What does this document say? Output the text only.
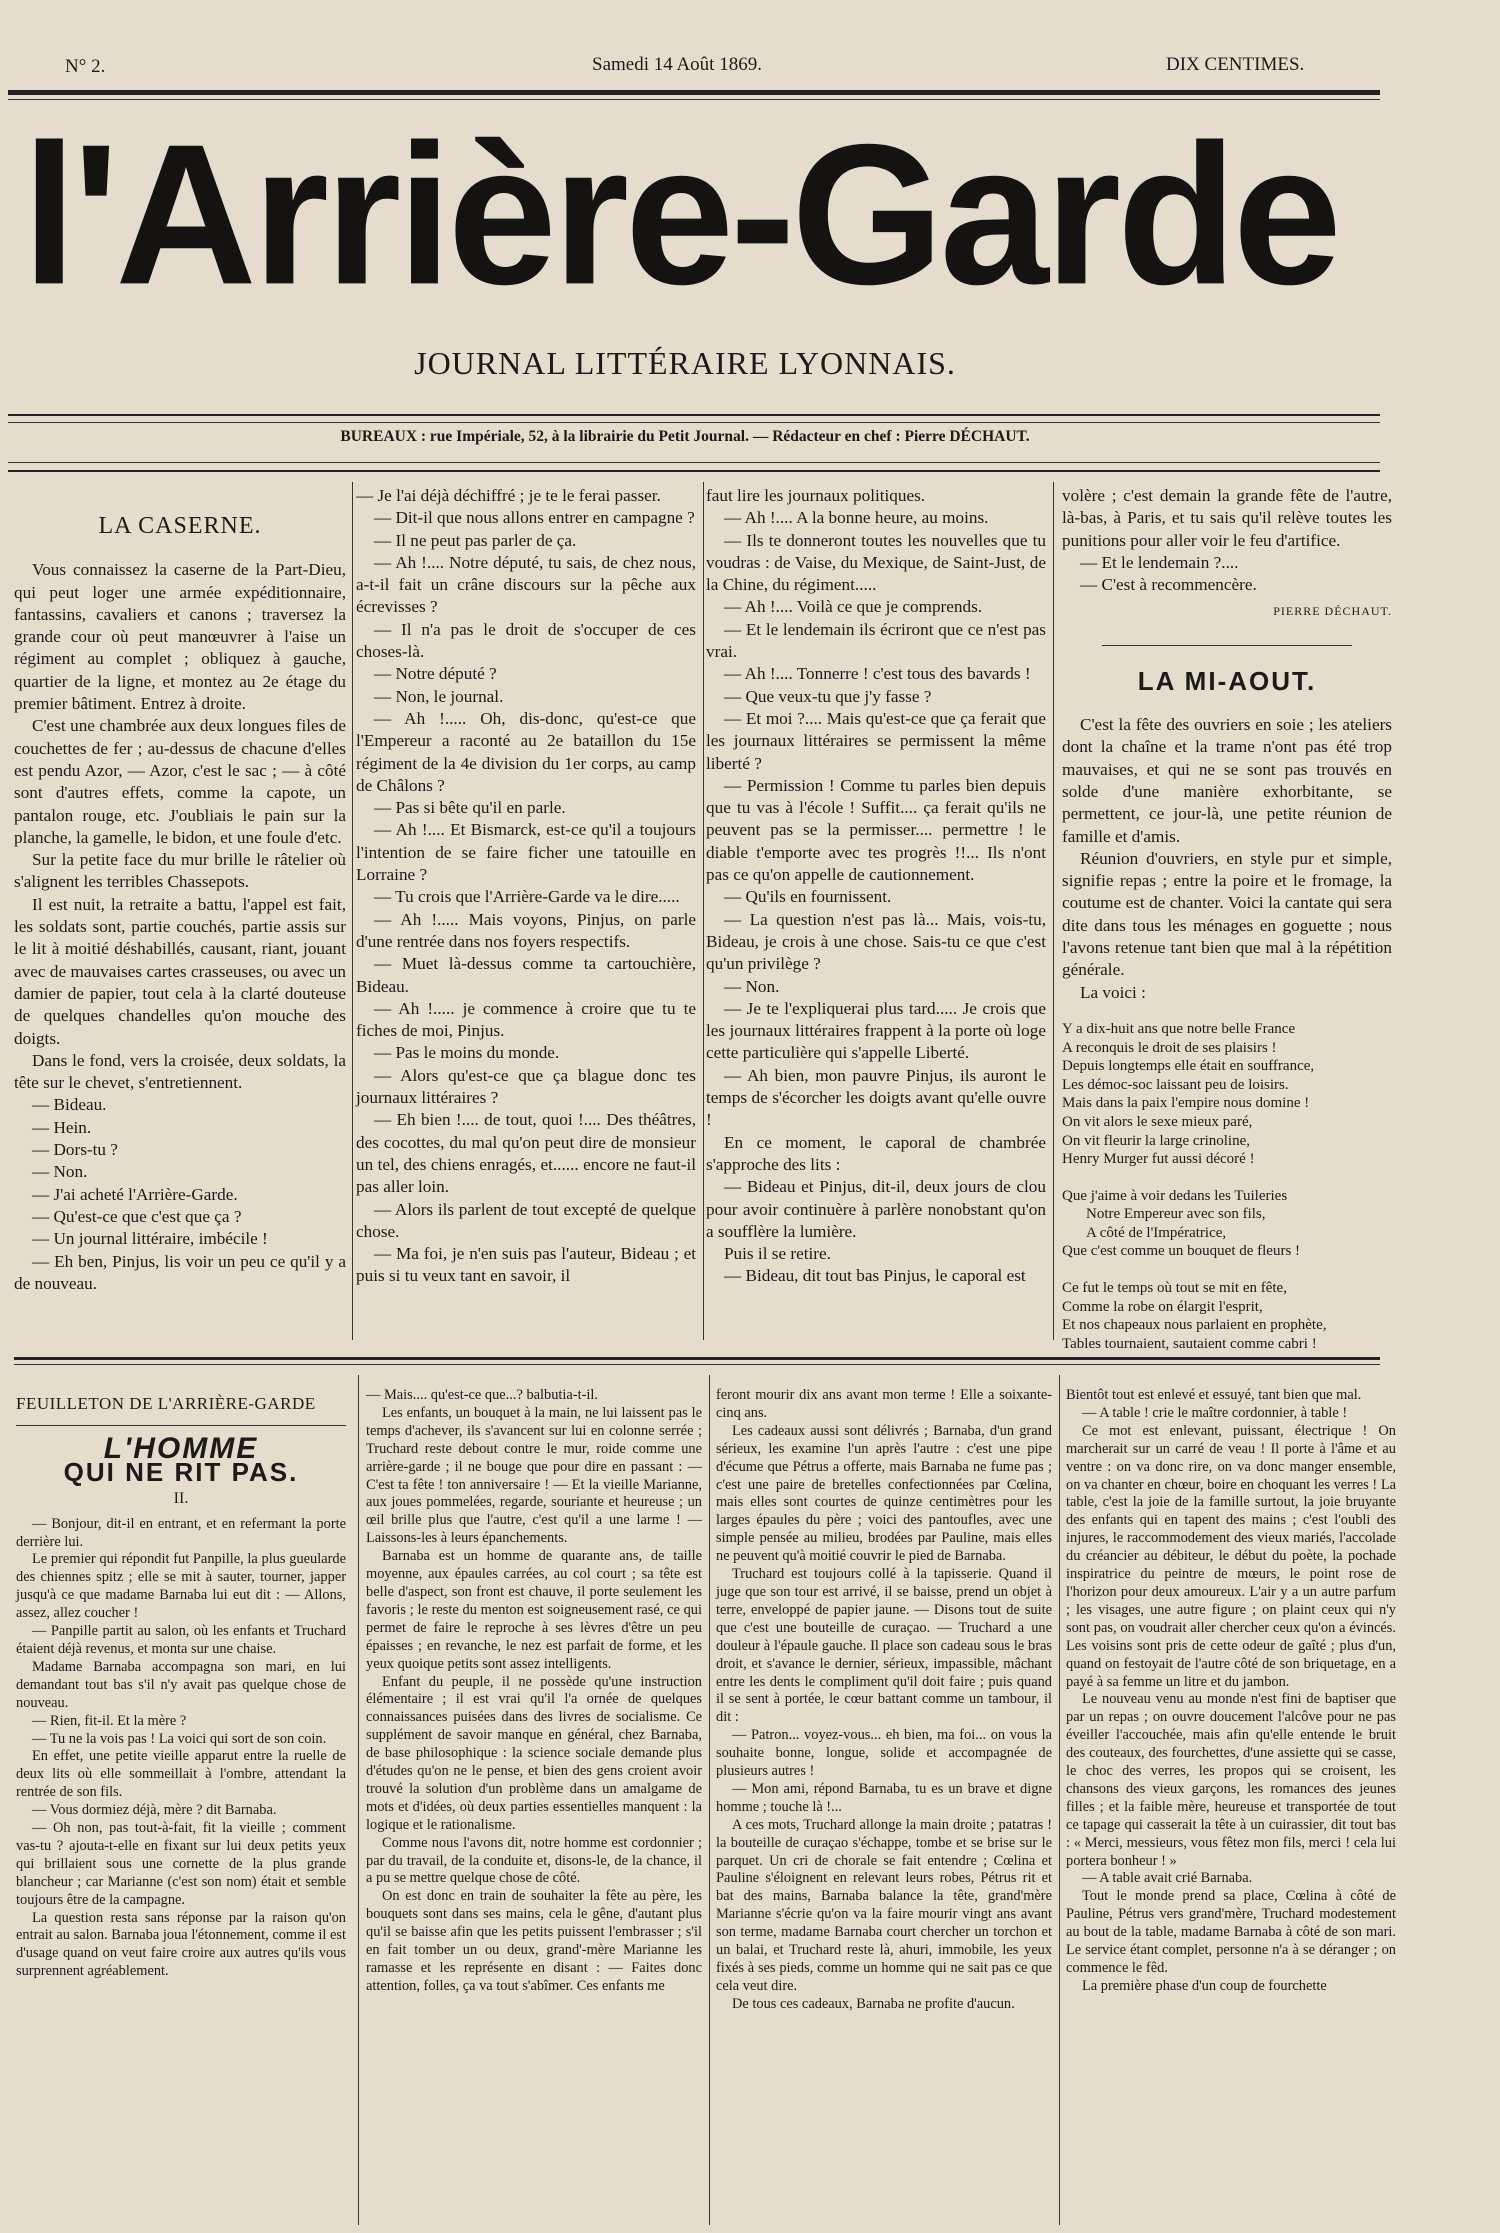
N° 2.	Samedi 14 Août 1869.	DIX CENTIMES.
l'Arrière-Garde
JOURNAL LITTÉRAIRE LYONNAIS.
BUREAUX : rue Impériale, 52, à la librairie du Petit Journal. — Rédacteur en chef : Pierre DÉCHAUT.
LA CASERNE.

Vous connaissez la caserne de la Part-Dieu, qui peut loger une armée expéditionnaire, fantassins, cavaliers et canons ; traversez la grande cour où peut manœuvrer à l'aise un régiment au complet ; obliquez à gauche, quartier de la ligne, et montez au 2e étage du premier bâtiment. Entrez à droite.

C'est une chambrée aux deux longues files de couchettes de fer ; au-dessus de chacune d'elles est pendu Azor, — Azor, c'est le sac ; — à côté sont d'autres effets, comme la capote, un pantalon rouge, etc. J'oubliais le pain sur la planche, la gamelle, le bidon, et une foule d'etc.

Sur la petite face du mur brille le râtelier où s'alignent les terribles Chassepots.

Il est nuit, la retraite a battu, l'appel est fait, les soldats sont, partie couchés, partie assis sur le lit à moitié déshabillés, causant, riant, jouant avec de mauvaises cartes crasseuses, ou avec un damier de papier, tout cela à la clarté douteuse de quelques chandelles qu'on mouche des doigts.

Dans le fond, vers la croisée, deux soldats, la tête sur le chevet, s'entretiennent.

— Bideau.

— Hein.

— Dors-tu ?

— Non.

— J'ai acheté l'Arrière-Garde.

— Qu'est-ce que c'est que ça ?

— Un journal littéraire, imbécile !

— Eh ben, Pinjus, lis voir un peu ce qu'il y a de nouveau.

— Je l'ai déjà déchiffré ; je te le ferai passer.

— Dit-il que nous allons entrer en campagne ?

— Il ne peut pas parler de ça.

— Ah !.... Notre député, tu sais, de chez nous, a-t-il fait un crâne discours sur la pêche aux écrevisses ?

— Il n'a pas le droit de s'occuper de ces choses-là.

— Notre député ?

— Non, le journal.

— Ah !..... Oh, dis-donc, qu'est-ce que l'Empereur a raconté au 2e bataillon du 15e régiment de la 4e division du 1er corps, au camp de Châlons ?

— Pas si bête qu'il en parle.

— Ah !.... Et Bismarck, est-ce qu'il a toujours l'intention de se faire ficher une tatouille en Lorraine ?

— Tu crois que l'Arrière-Garde va le dire.....

— Ah !..... Mais voyons, Pinjus, on parle d'une rentrée dans nos foyers respectifs.

— Muet là-dessus comme ta cartouchière, Bideau.

— Ah !..... je commence à croire que tu te fiches de moi, Pinjus.

— Pas le moins du monde.

— Alors qu'est-ce que ça blague donc tes journaux littéraires ?

— Eh bien !.... de tout, quoi !.... Des théâtres, des cocottes, du mal qu'on peut dire de monsieur un tel, des chiens enragés, et...... encore ne faut-il pas aller loin.

— Alors ils parlent de tout excepté de quelque chose.

— Ma foi, je n'en suis pas l'auteur, Bideau ; et puis si tu veux tant en savoir, il

faut lire les journaux politiques.

— Ah !.... A la bonne heure, au moins.

— Ils te donneront toutes les nouvelles que tu voudras : de Vaise, du Mexique, de Saint-Just, de la Chine, du régiment.....

— Ah !.... Voilà ce que je comprends.

— Et le lendemain ils écriront que ce n'est pas vrai.

— Ah !.... Tonnerre ! c'est tous des bavards !

— Que veux-tu que j'y fasse ?

— Et moi ?.... Mais qu'est-ce que ça ferait que les journaux littéraires se permissent la même liberté ?

— Permission ! Comme tu parles bien depuis que tu vas à l'école ! Suffit.... ça ferait qu'ils ne peuvent pas se la permisser.... permettre ! le diable t'emporte avec tes progrès !!... Ils n'ont pas ce qu'on appelle de cautionnement.

— Qu'ils en fournissent.

— La question n'est pas là... Mais, vois-tu, Bideau, je crois à une chose. Sais-tu ce que c'est qu'un privilège ?

— Non.

— Je te l'expliquerai plus tard..... Je crois que les journaux littéraires frappent à la porte où loge cette particulière qui s'appelle Liberté.

— Ah bien, mon pauvre Pinjus, ils auront le temps de s'écorcher les doigts avant qu'elle ouvre !

En ce moment, le caporal de chambrée s'approche des lits :

— Bideau et Pinjus, dit-il, deux jours de clou pour avoir continuère à parlère nonobstant qu'on a soufflère la lumière.

Puis il se retire.

— Bideau, dit tout bas Pinjus, le caporal est

volère ; c'est demain la grande fête de l'autre, là-bas, à Paris, et tu sais qu'il relève toutes les punitions pour aller voir le feu d'artifice.

— Et le lendemain ?....

— C'est à recommencère.

PIERRE DÉCHAUT.
LA MI-AOUT.

C'est la fête des ouvriers en soie ; les ateliers dont la chaîne et la trame n'ont pas été trop mauvaises, et qui ne se sont pas trouvés en solde d'une manière exhorbitante, se permettent, ce jour-là, une petite réunion de famille et d'amis.

Réunion d'ouvriers, en style pur et simple, signifie repas ; entre la poire et le fromage, la coutume est de chanter. Voici la cantate qui sera dite dans tous les ménages en goguette ; nous l'avons retenue tant bien que mal à la répétition générale.

La voici :

Y a dix-huit ans que notre belle France
A reconquis le droit de ses plaisirs !
Depuis longtemps elle était en souffrance,
Les démoc-soc laissant peu de loisirs.
Mais dans la paix l'empire nous domine !
On vit alors le sexe mieux paré,
On vit fleurir la large crinoline,
Henry Murger fut aussi décoré !
Que j'aime à voir dedans les Tuileries
Notre Empereur avec son fils,
A côté de l'Impératrice,
Que c'est comme un bouquet de fleurs !
Ce fut le temps où tout se mit en fête,
Comme la robe on élargit l'esprit,
Et nos chapeaux nous parlaient en prophète,
Tables tournaient, sautaient comme cabri !
FEUILLETON DE L'ARRIÈRE-GARDE
L'HOMME
QUI NE RIT PAS.
II.

— Bonjour, dit-il en entrant, et en refermant la porte derrière lui.

Le premier qui répondit fut Panpille, la plus gueularde des chiennes spitz ; elle se mit à sauter, tourner, japper jusqu'à ce que madame Barnaba lui eut dit : — Allons, assez, allez coucher !

— Panpille partit au salon, où les enfants et Truchard étaient déjà revenus, et monta sur une chaise.

Madame Barnaba accompagna son mari, en lui demandant tout bas s'il n'y avait pas quelque chose de nouveau.

— Rien, fit-il. Et la mère ?

— Tu ne la vois pas ! La voici qui sort de son coin.

En effet, une petite vieille apparut entre la ruelle de deux lits où elle sommeillait à l'ombre, attendant la rentrée de son fils.

— Vous dormiez déjà, mère ? dit Barnaba.

— Oh non, pas tout-à-fait, fit la vieille ; comment vas-tu ? ajouta-t-elle en fixant sur lui deux petits yeux qui brillaient sous une cornette de la plus grande blancheur ; car Marianne (c'est son nom) était et semble toujours être de la campagne.

La question resta sans réponse par la raison qu'on entrait au salon. Barnaba joua l'étonnement, comme il est d'usage quand on veut faire croire aux autres qu'ils vous surprennent agréablement.

— Mais.... qu'est-ce que...? balbutia-t-il.

Les enfants, un bouquet à la main, ne lui laissent pas le temps d'achever, ils s'avancent sur lui en colonne serrée ; Truchard reste debout contre le mur, roide comme une arrière-garde ; il ne bouge que pour dire en passant : — C'est ta fête ! ton anniversaire ! — Et la vieille Marianne, aux joues pommelées, regarde, souriante et heureuse ; un œil brille plus que l'autre, c'est qu'il a une larme ! — Laissons-les à leurs épanchements.

Barnaba est un homme de quarante ans, de taille moyenne, aux épaules carrées, au col court ; sa tête est belle d'aspect, son front est chauve, il porte seulement les favoris ; le reste du menton est soigneusement rasé, ce qui permet de faire le reproche à ses lèvres d'être un peu épaisses ; en revanche, le nez est parfait de forme, et les yeux quoique petits sont assez intelligents.

Enfant du peuple, il ne possède qu'une instruction élémentaire ; il est vrai qu'il l'a ornée de quelques connaissances puisées dans des livres de socialisme. Ce supplément de savoir manque en général, chez Barnaba, de base philosophique : la science sociale demande plus d'études qu'on ne le pense, et bien des gens croient avoir trouvé la solution d'un problème dans un amalgame de mots et d'idées, où deux parties essentielles manquent : la logique et le rationalisme.

Comme nous l'avons dit, notre homme est cordonnier ; par du travail, de la conduite et, disons-le, de la chance, il a pu se mettre quelque chose de côté.

On est donc en train de souhaiter la fête au père, les bouquets sont dans ses mains, cela le gêne, d'autant plus qu'il se baisse afin que les petits puissent l'embrasser ; s'il en fait tomber un ou deux, grand'-mère Marianne les ramasse et les représente en disant : — Faites donc attention, folles, ça va tout s'abîmer. Ces enfants me

feront mourir dix ans avant mon terme ! Elle a soixante-cinq ans.

Les cadeaux aussi sont délivrés ; Barnaba, d'un grand sérieux, les examine l'un après l'autre : c'est une pipe d'écume que Pétrus a offerte, mais Barnaba ne fume pas ; c'est une paire de bretelles confectionnées par Cœlina, mais elles sont courtes de quinze centimètres pour les larges épaules du père ; voici des pantoufles, avec une simple pensée au milieu, brodées par Pauline, mais elles ne peuvent qu'à moitié couvrir le pied de Barnaba.

Truchard est toujours collé à la tapisserie. Quand il juge que son tour est arrivé, il se baisse, prend un objet à terre, enveloppé de papier jaune. — Disons tout de suite que c'est une bouteille de curaçao. — Truchard a une douleur à l'épaule gauche. Il place son cadeau sous le bras droit, et s'avance le dernier, sérieux, impassible, mâchant entre les dents le compliment qu'il doit faire ; puis quand il se sent à portée, le cœur battant comme un tambour, il dit :

— Patron... voyez-vous... eh bien, ma foi... on vous la souhaite bonne, longue, solide et accompagnée de plusieurs autres !

— Mon ami, répond Barnaba, tu es un brave et digne homme ; touche là !...

A ces mots, Truchard allonge la main droite ; patatras ! la bouteille de curaçao s'échappe, tombe et se brise sur le parquet. Un cri de chorale se fait entendre ; Cœlina et Pauline s'éloignent en relevant leurs robes, Pétrus rit et bat des mains, Barnaba balance la tête, grand'mère Marianne s'écrie qu'on va la faire mourir vingt ans avant son terme, madame Barnaba court chercher un torchon et un balai, et Truchard reste là, ahuri, immobile, les yeux fixés à ses pieds, comme un homme qui ne sait pas ce que cela veut dire.

De tous ces cadeaux, Barnaba ne profite d'aucun.

Bientôt tout est enlevé et essuyé, tant bien que mal.

— A table ! crie le maître cordonnier, à table !

Ce mot est enlevant, puissant, électrique ! On marcherait sur un carré de veau ! Il porte à l'âme et au ventre : on va donc rire, on va donc manger ensemble, on va chanter en chœur, boire en choquant les verres ! La table, c'est la joie de la famille surtout, la joie bruyante des enfants qui en tapent des mains ; c'est l'oubli des injures, le raccommodement des vieux mariés, l'accolade du créancier au débiteur, le début du poète, la pochade inspiratrice du peintre de mœurs, le point rose de l'horizon pour deux amoureux. L'air y a un autre parfum ; les visages, une autre figure ; on plaint ceux qui n'y sont pas, on voudrait aller chercher ceux qu'on a évincés. Les voisins sont pris de cette odeur de gaîté ; plus d'un, quand on festoyait de l'autre côté de son briquetage, en a payé à sa femme un litre et du jambon.

Le nouveau venu au monde n'est fini de baptiser que par un repas ; on ouvre doucement l'alcôve pour ne pas éveiller l'accouchée, mais afin qu'elle entende le bruit des couteaux, des fourchettes, d'une assiette qui se casse, le choc des verres, les propos qui se croisent, les chansons des vieux garçons, les romances des jeunes filles ; et la faible mère, heureuse et transportée de tout ce tapage qui casserait la tête à un cuirassier, dit tout bas : « Merci, messieurs, vous fêtez mon fils, merci ! cela lui portera bonheur ! »

— A table avait crié Barnaba.

Tout le monde prend sa place, Cœlina à côté de Pauline, Pétrus vers grand'mère, Truchard modestement au bout de la table, madame Barnaba à côté de son mari. Le service étant complet, personne n'a à se déranger ; on commence le fêd.

La première phase d'un coup de fourchette
